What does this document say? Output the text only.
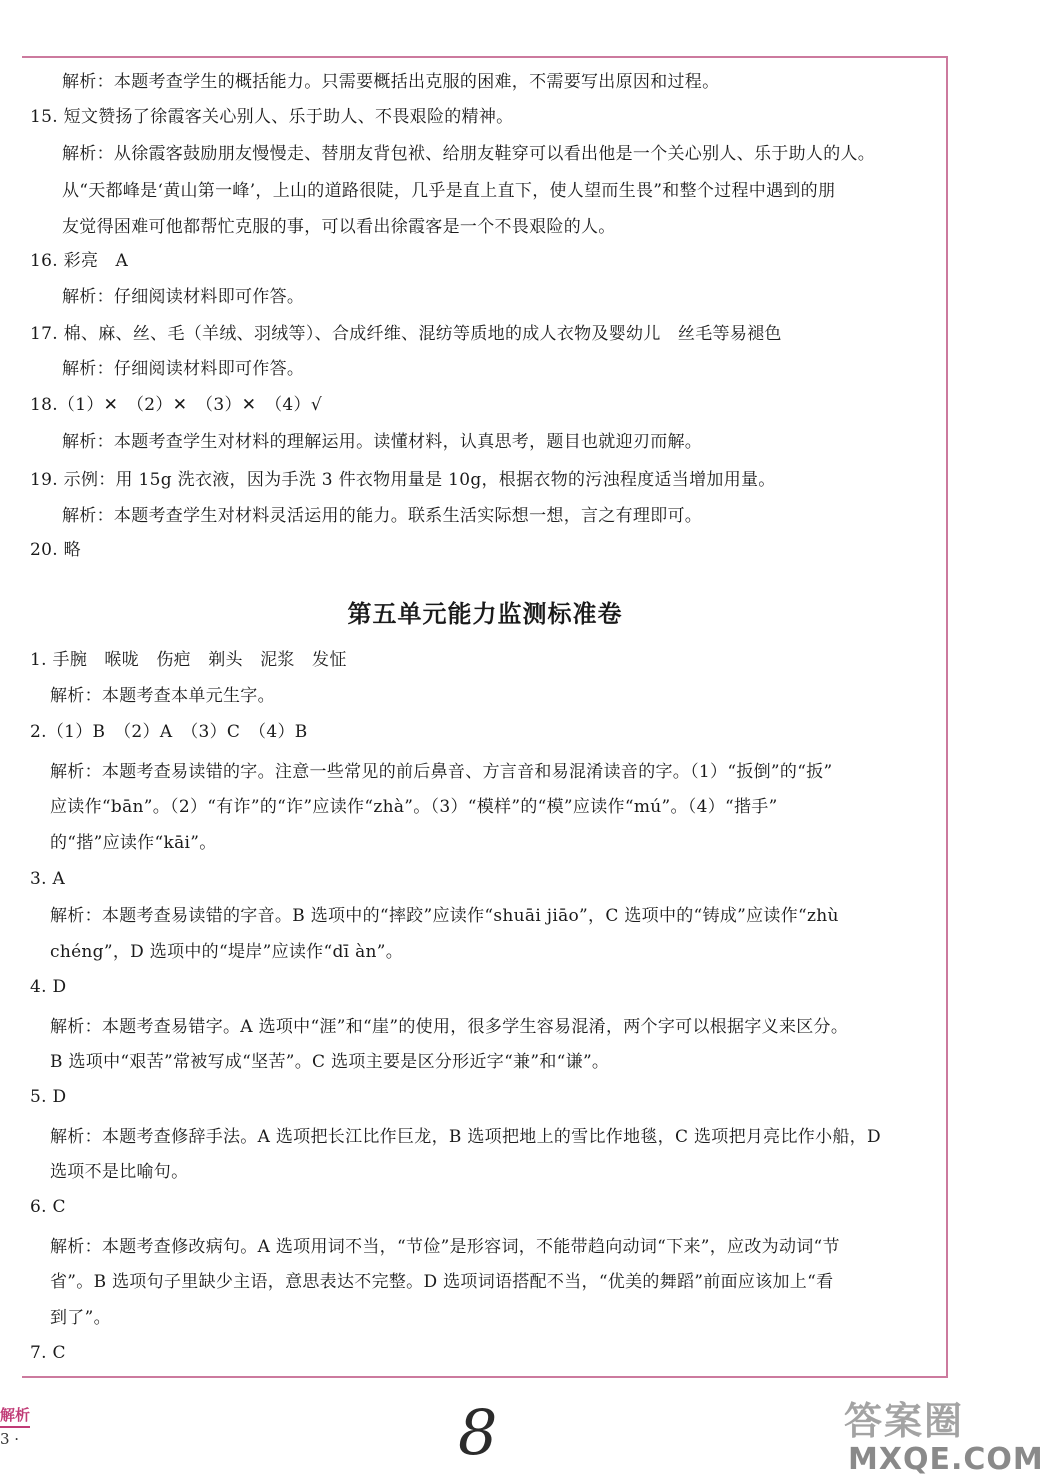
解析：本题考查学生的概括能力。只需要概括出克服的困难，不需要写出原因和过程。
15. 短文赞扬了徐霞客关心别人、乐于助人、不畏艰险的精神。
解析：从徐霞客鼓励朋友慢慢走、替朋友背包袱、给朋友鞋穿可以看出他是一个关心别人、乐于助人的人。
从“天都峰是‘黄山第一峰’，上山的道路很陡，几乎是直上直下，使人望而生畏”和整个过程中遇到的朋
友觉得困难可他都帮忙克服的事，可以看出徐霞客是一个不畏艰险的人。
16. 彩亮　A
解析：仔细阅读材料即可作答。
17. 棉、麻、丝、毛（羊绒、羽绒等）、合成纤维、混纺等质地的成人衣物及婴幼儿　丝毛等易褪色
解析：仔细阅读材料即可作答。
18.（1）✕　（2）✕　（3）✕　（4）√
解析：本题考查学生对材料的理解运用。读懂材料，认真思考，题目也就迎刃而解。
19. 示例：用 15g 洗衣液，因为手洗 3 件衣物用量是 10g，根据衣物的污浊程度适当增加用量。
解析：本题考查学生对材料灵活运用的能力。联系生活实际想一想，言之有理即可。
20. 略
第五单元能力监测标准卷
1. 手腕　喉咙　伤疤　剃头　泥浆　发怔
解析：本题考查本单元生字。
2.（1）B　（2）A　（3）C　（4）B
解析：本题考查易读错的字。注意一些常见的前后鼻音、方言音和易混淆读音的字。（1）“扳倒”的“扳”
应读作“bān”。（2）“有诈”的“诈”应读作“zhà”。（3）“模样”的“模”应读作“mú”。（4）“揩手”
的“揩”应读作“kāi”。
3. A
解析：本题考查易读错的字音。B 选项中的“摔跤”应读作“shuāi jiāo”，C 选项中的“铸成”应读作“zhù
chéng”，D 选项中的“堤岸”应读作“dī àn”。
4. D
解析：本题考查易错字。A 选项中“涯”和“崖”的使用，很多学生容易混淆，两个字可以根据字义来区分。
B 选项中“艰苦”常被写成“坚苦”。C 选项主要是区分形近字“兼”和“谦”。
5. D
解析：本题考查修辞手法。A 选项把长江比作巨龙，B 选项把地上的雪比作地毯，C 选项把月亮比作小船，D
选项不是比喻句。
6. C
解析：本题考查修改病句。A 选项用词不当，“节俭”是形容词，不能带趋向动词“下来”，应改为动词“节
省”。B 选项句子里缺少主语，意思表达不完整。D 选项词语搭配不当，“优美的舞蹈”前面应该加上“看
到了”。
7. C
解析
3 ·	8	答案圈
MXQE.COM
